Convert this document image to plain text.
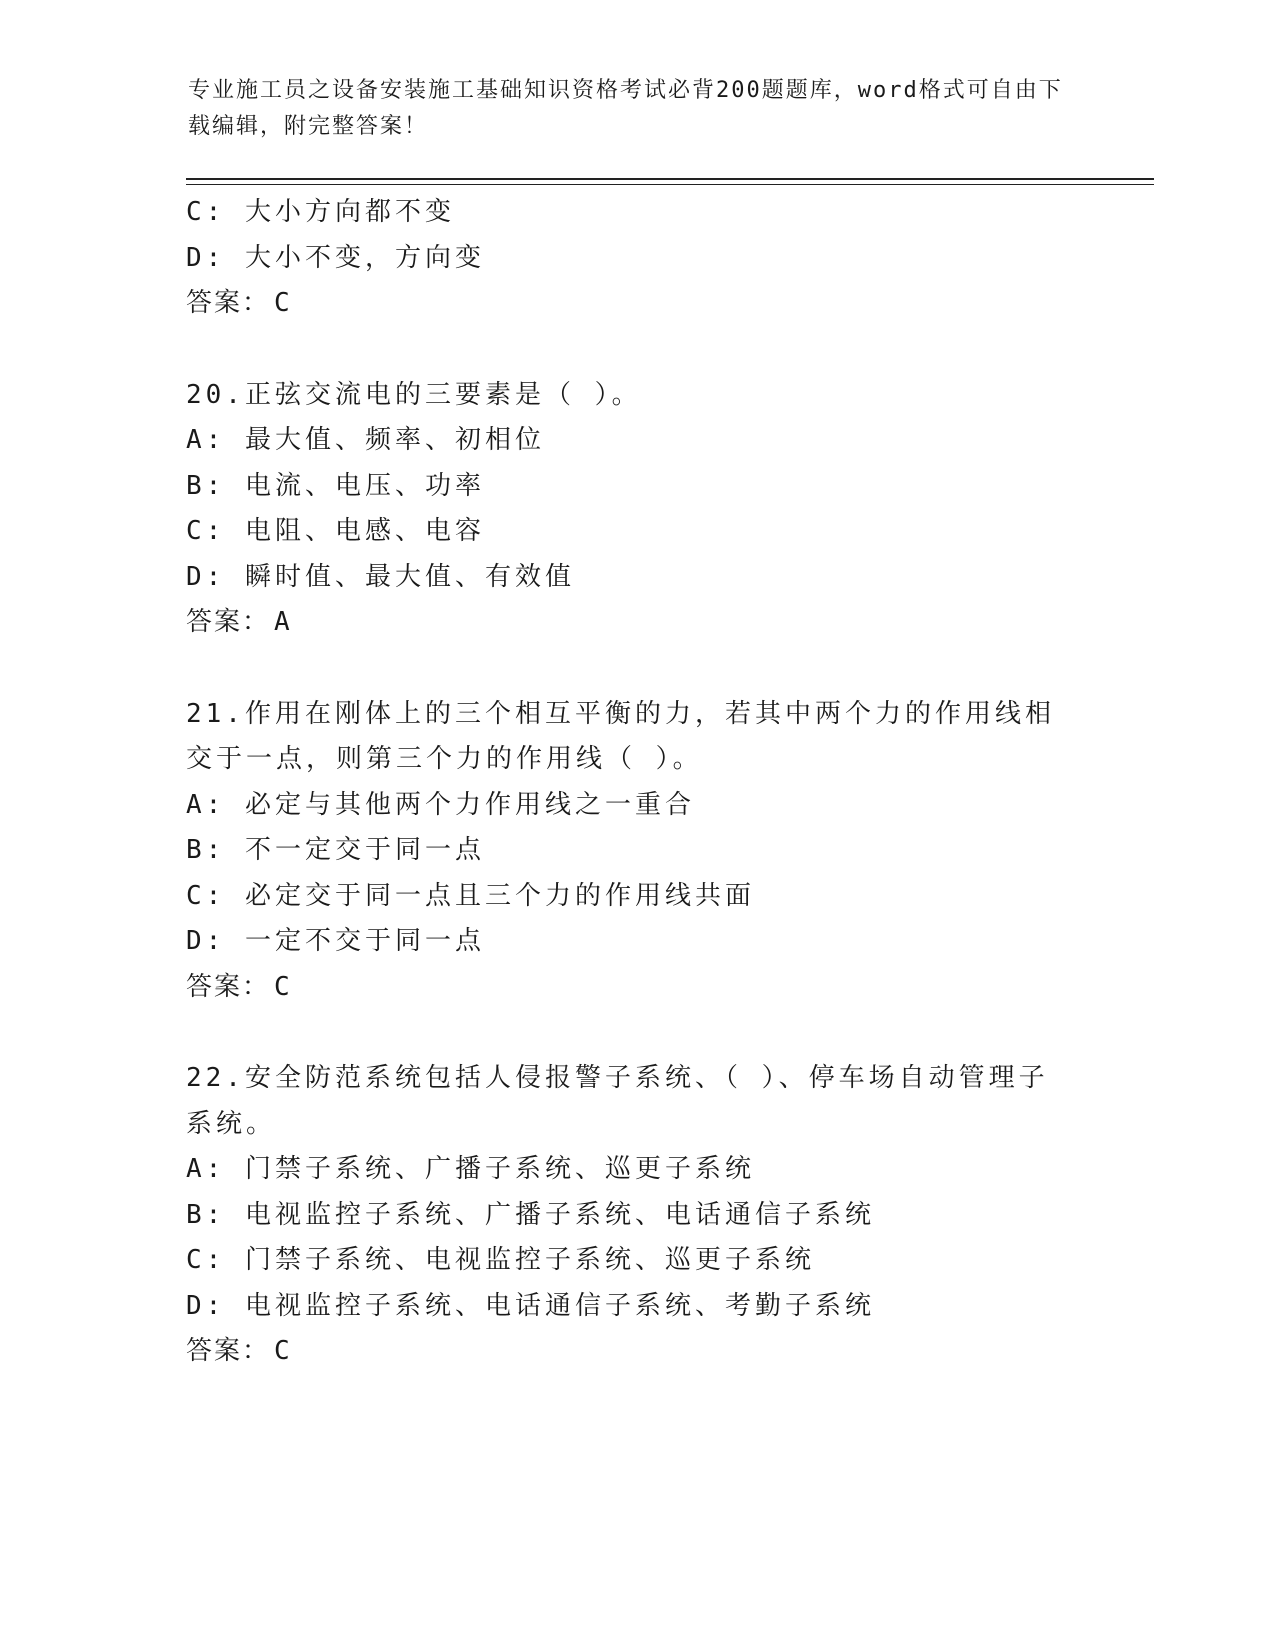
专业施工员之设备安装施工基础知识资格考试必背200题题库，word格式可自由下载编辑，附完整答案！
C: 大小方向都不变
D: 大小不变，方向变
答案： C
20.正弦交流电的三要素是（ ）。
A: 最大值、频率、初相位
B: 电流、电压、功率
C: 电阻、电感、电容
D: 瞬时值、最大值、有效值
答案： A
21.作用在刚体上的三个相互平衡的力，若其中两个力的作用线相交于一点，则第三个力的作用线（ ）。
A: 必定与其他两个力作用线之一重合
B: 不一定交于同一点
C: 必定交于同一点且三个力的作用线共面
D: 一定不交于同一点
答案： C
22.安全防范系统包括人侵报警子系统、（ ）、停车场自动管理子系统。
A: 门禁子系统、广播子系统、巡更子系统
B: 电视监控子系统、广播子系统、电话通信子系统
C: 门禁子系统、电视监控子系统、巡更子系统
D: 电视监控子系统、电话通信子系统、考勤子系统
答案： C
